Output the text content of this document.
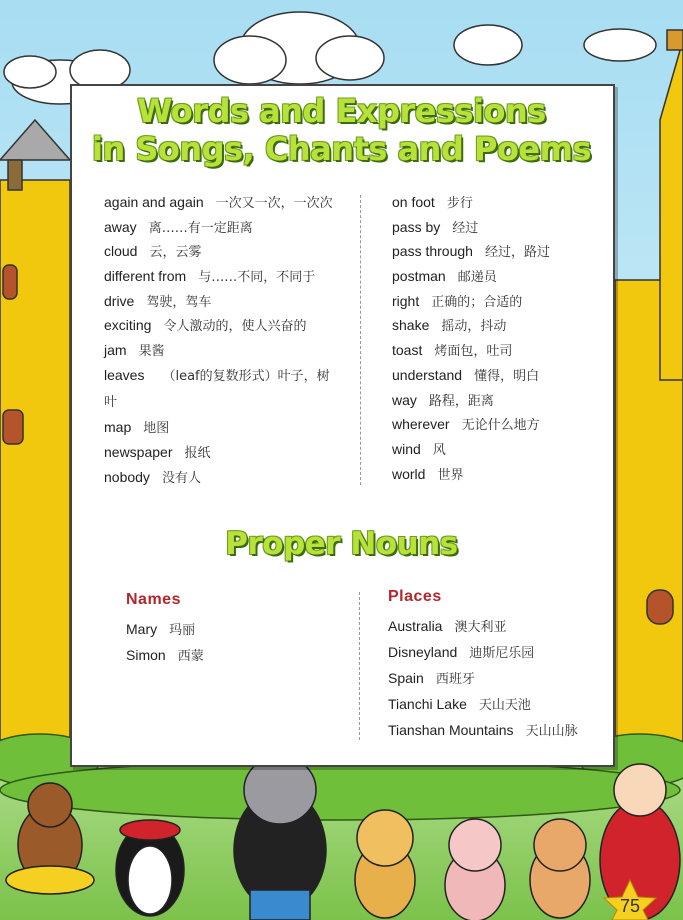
Words and Expressions
in Songs, Chants and Poems
again and again 一次又一次，一次次
away 离……有一定距离
cloud 云，云雾
different from 与……不同，不同于
drive 驾驶，驾车
exciting 令人激动的，使人兴奋的
jam 果酱
leaves （leaf的复数形式）叶子，树叶
map 地图
newspaper 报纸
nobody 没有人
on foot 步行
pass by 经过
pass through 经过，路过
postman 邮递员
right 正确的；合适的
shake 摇动，抖动
toast 烤面包，吐司
understand 懂得，明白
way 路程，距离
wherever 无论什么地方
wind 风
world 世界
Proper Nouns
Names
Mary 玛丽
Simon 西蒙
Places
Australia 澳大利亚
Disneyland 迪斯尼乐园
Spain 西班牙
Tianchi Lake 天山天池
Tianshan Mountains 天山山脉
75
